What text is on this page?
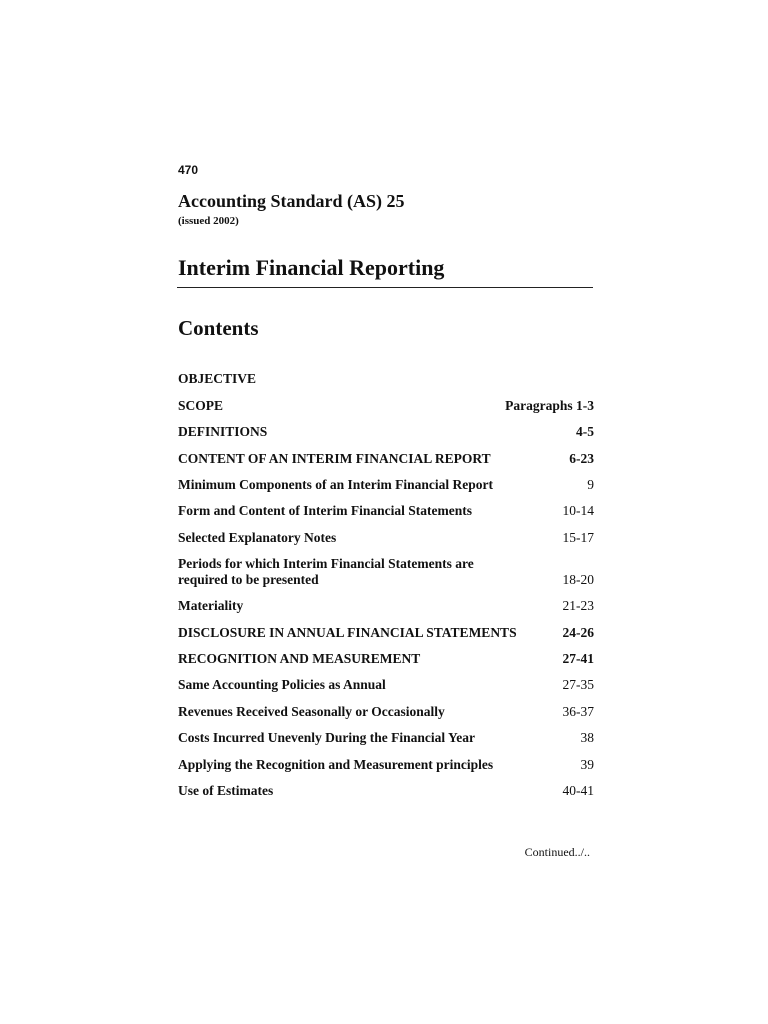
470
Accounting Standard (AS) 25
(issued 2002)
Interim Financial Reporting
Contents
OBJECTIVE
SCOPE	Paragraphs 1-3
DEFINITIONS	4-5
CONTENT OF AN INTERIM FINANCIAL REPORT	6-23
Minimum Components of an Interim Financial Report	9
Form and Content of Interim Financial Statements	10-14
Selected Explanatory Notes	15-17
Periods for which Interim Financial Statements are
required to be presented	18-20
Materiality	21-23
DISCLOSURE IN ANNUAL FINANCIAL STATEMENTS	24-26
RECOGNITION AND MEASUREMENT	27-41
Same Accounting Policies as Annual	27-35
Revenues Received Seasonally or Occasionally	36-37
Costs Incurred Unevenly During the Financial Year	38
Applying the Recognition and Measurement principles	39
Use of Estimates	40-41
Continued../..
